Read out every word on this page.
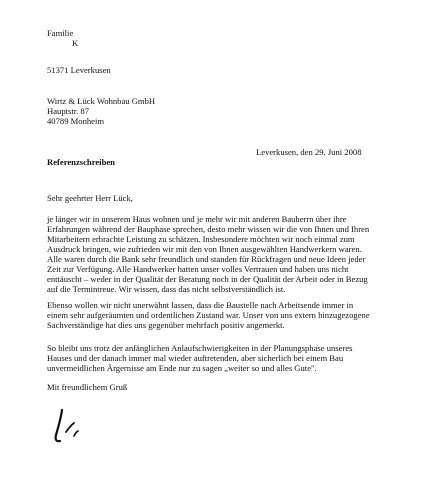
Familie
K
51371 Leverkusen
Wirtz & Lück Wohnbau GmbH
Hauptstr. 87
40789 Monheim
Leverkusen, den 29. Juni 2008
Referenzschreiben
Sehr geehrter Herr Lück,
je länger wir in unserem Haus wohnen und je mehr wir mit anderen Bauherrn über ihre
Erfahrungen während der Bauphase sprechen, desto mehr wissen wir die von Ihnen und Ihren
Mitarbeitern erbrachte Leistung zu schätzen. Insbesondere möchten wir noch einmal zum
Ausdruck bringen, wie zufrieden wir mit den von Ihnen ausgewählten Handwerkern waren.
Alle waren durch die Bank sehr freundlich und standen für Rückfragen und neue Ideen jeder
Zeit zur Verfügung. Alle Handwerker hatten unser volles Vertrauen und haben uns nicht
enttäuscht – weder in der Qualität der Beratung noch in der Qualität der Arbeit oder in Bezug
auf die Termintreue. Wir wissen, dass das nicht selbstverständlich ist.
Ebenso wollen wir nicht unerwähnt lassen, dass die Baustelle nach Arbeitsende immer in
einem sehr aufgeräumten und ordentlichen Zustand war. Unser von uns extern hinzugezogene
Sachverständige hat dies uns gegenüber mehrfach positiv angemerkt.
So bleibt uns trotz der anfänglichen Anlaufschwierigkeiten in der Planungsphase unseres
Hauses und der danach immer mal wieder auftretenden, aber sicherlich bei einem Bau
unvermeidlichen Ärgernisse am Ende nur zu sagen „weiter so und alles Gute".
Mit freundlichem Gruß
